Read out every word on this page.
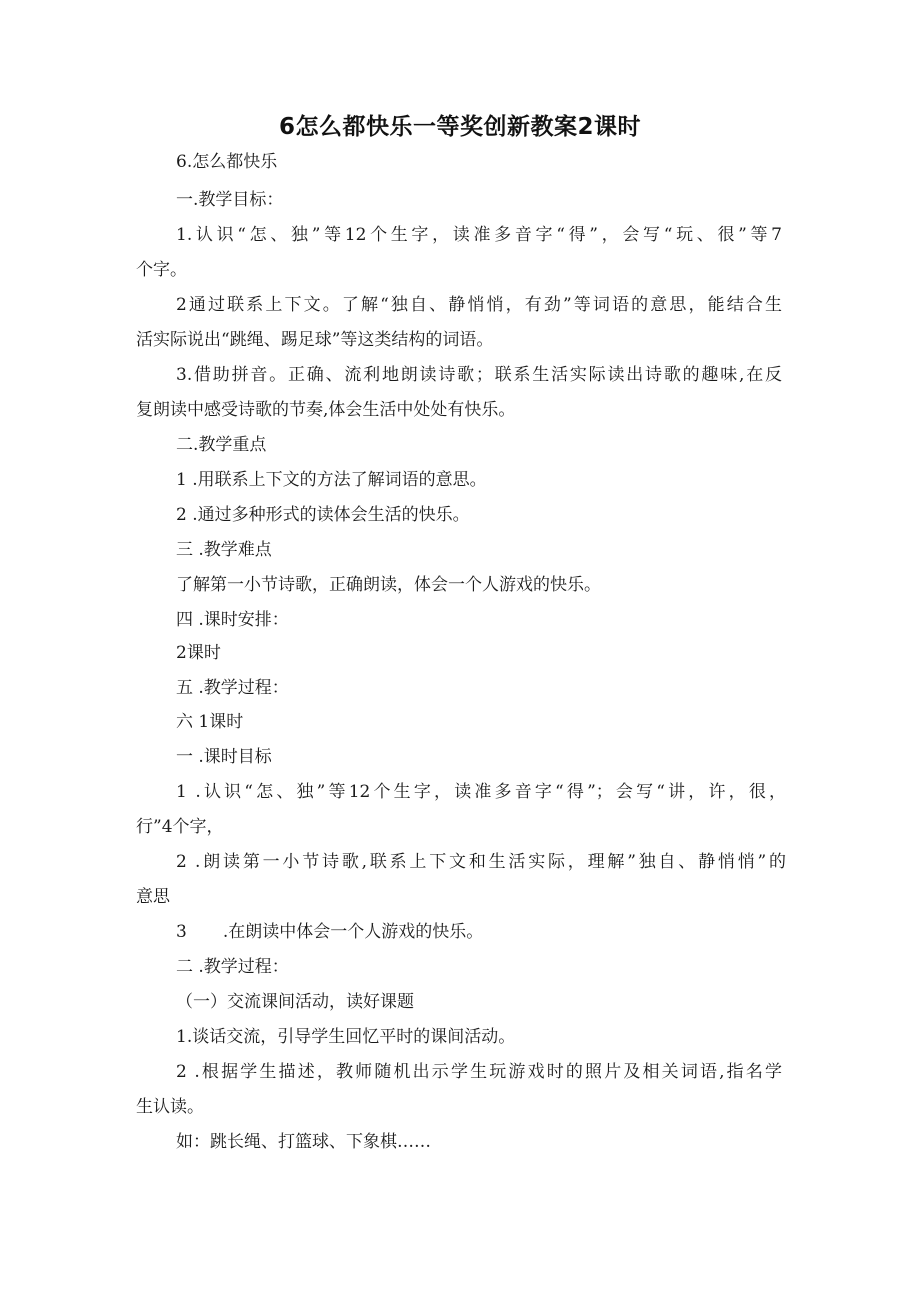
6怎么都快乐一等奖创新教案2课时
6.怎么都快乐
一.教学目标：
1.认识“怎、独”等12个生字，读准多音字“得”，会写“玩、很”等7
个字。
2通过联系上下文。了解“独自、静悄悄，有劲”等词语的意思，能结合生
活实际说出“跳绳、踢足球”等这类结构的词语。
3.借助拼音。正确、流利地朗读诗歌；联系生活实际读出诗歌的趣味,在反
复朗读中感受诗歌的节奏,体会生活中处处有快乐。
二.教学重点
1 .用联系上下文的方法了解词语的意思。
2 .通过多种形式的读体会生活的快乐。
三 .教学难点
了解第一小节诗歌，正确朗读，体会一个人游戏的快乐。
四 .课时安排：
2课时
五 .教学过程：
六 1课时
一 .课时目标
1 .认识“怎、独”等12个生字，读准多音字“得”；会写“讲，许，很，
行”4个字，
2 .朗读第一小节诗歌,联系上下文和生活实际，理解”独自、静悄悄”的
意思
3 .在朗读中体会一个人游戏的快乐。
二 .教学过程：
（一）交流课间活动，读好课题
1.谈话交流，引导学生回忆平时的课间活动。
2 .根据学生描述，教师随机出示学生玩游戏时的照片及相关词语,指名学
生认读。
如：跳长绳、打篮球、下象棋……
